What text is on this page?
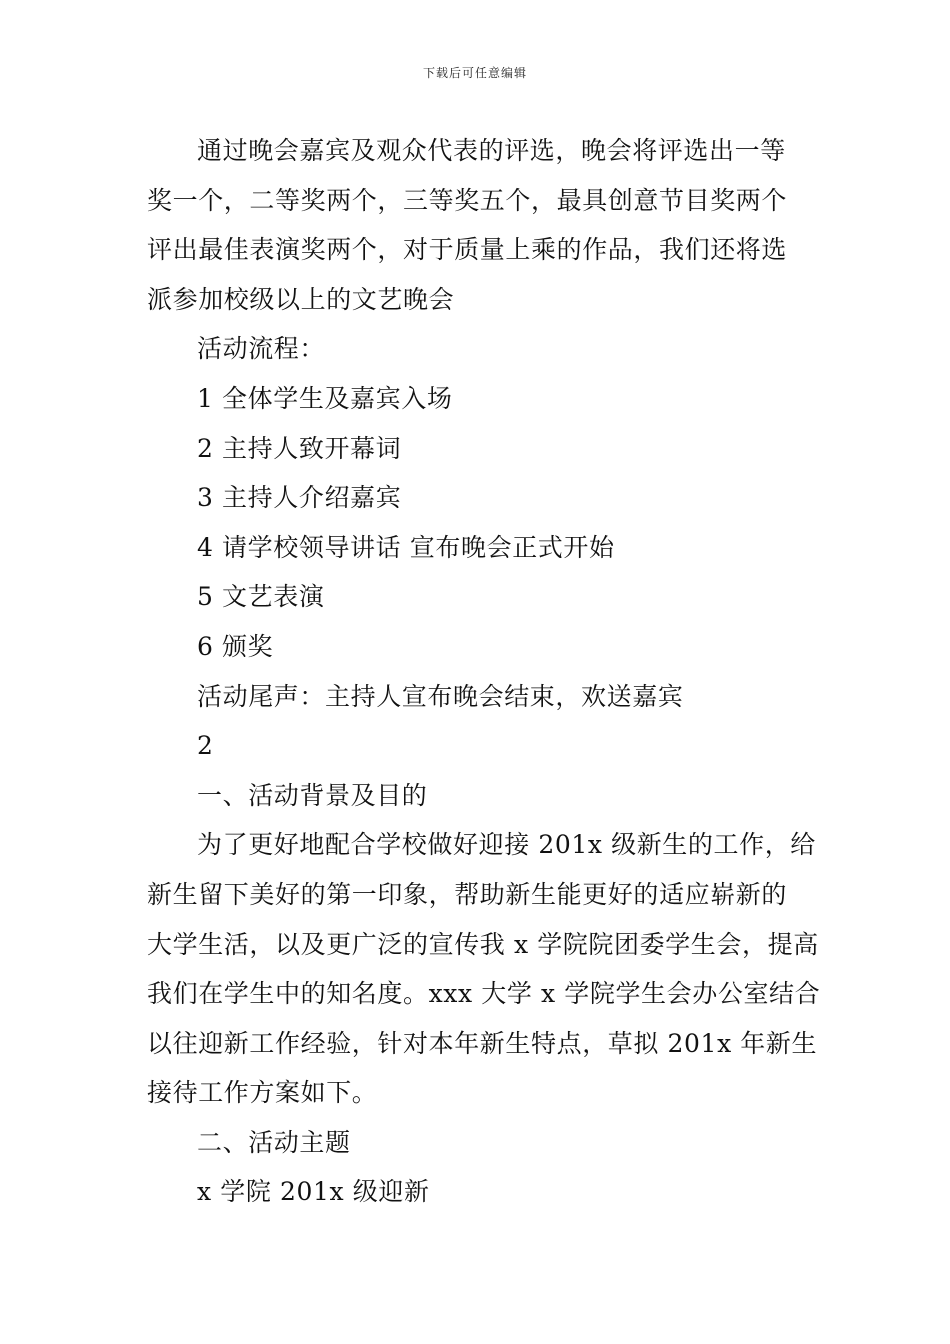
下载后可任意编辑

通过晚会嘉宾及观众代表的评选，晚会将评选出一等

奖一个，二等奖两个，三等奖五个，最具创意节目奖两个

评出最佳表演奖两个，对于质量上乘的作品，我们还将选

派参加校级以上的文艺晚会

活动流程：

1 全体学生及嘉宾入场

2 主持人致开幕词

3 主持人介绍嘉宾

4 请学校领导讲话 宣布晚会正式开始

5 文艺表演

6 颁奖

活动尾声：主持人宣布晚会结束，欢送嘉宾

2

一、活动背景及目的

为了更好地配合学校做好迎接 201x 级新生的工作，给

新生留下美好的第一印象，帮助新生能更好的适应崭新的

大学生活，以及更广泛的宣传我 x 学院院团委学生会，提高

我们在学生中的知名度。xxx 大学 x 学院学生会办公室结合

以往迎新工作经验，针对本年新生特点，草拟 201x 年新生

接待工作方案如下。

二、活动主题

x 学院 201x 级迎新
